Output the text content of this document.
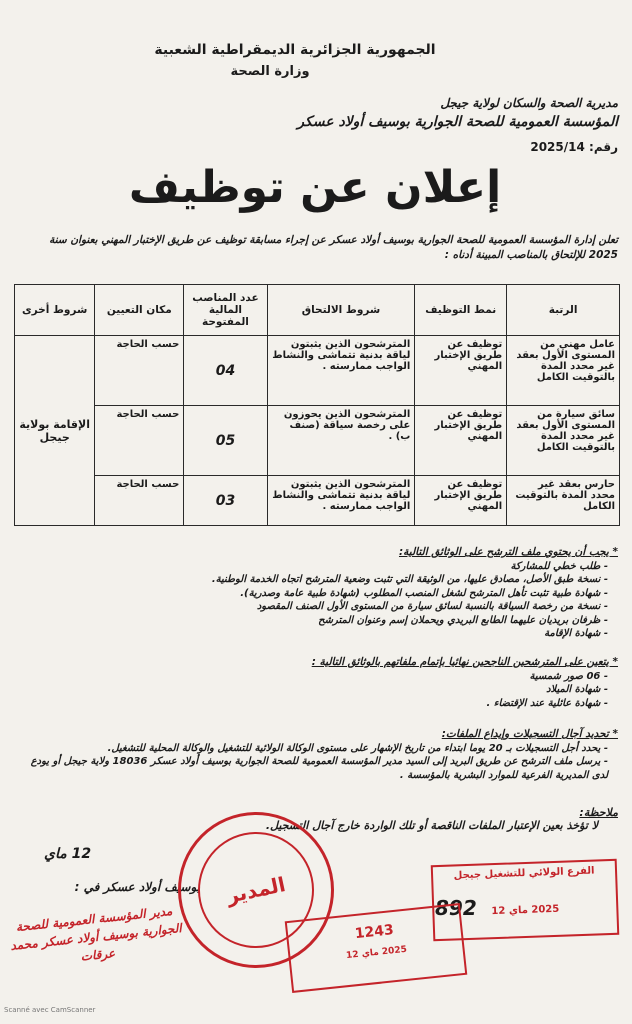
الجمهورية الجزائرية الديمقراطية الشعبية
وزارة الصحة
مديرية الصحة والسكان لولاية جيجل
المؤسسة العمومية للصحة الجوارية بوسيف أولاد عسكر
رقم: 2025/14
إعلان عن توظيف
تعلن إدارة المؤسسة العمومية للصحة الجوارية بوسيف أولاد عسكر عن إجراء مسابقة توظيف عن طريق الإختبار المهني بعنوان سنة 2025 للإلتحاق بالمناصب المبينة أدناه :
الرتبة	نمط التوظيف	شروط الالتحاق	عدد المناصب المالية المفتوحة	مكان التعيين	شروط أخرى
عامل مهني من المستوى الأول بعقد غير محدد المدة بالتوقيت الكامل	توظيف عن طريق الإختبار المهني	المترشحون الذين يثبتون لياقة بدنية تتماشى والنشاط الواجب ممارسته .	04	حسب الحاجة	الإقامة بولاية جيجل
سائق سيارة من المستوى الأول بعقد غير محدد المدة بالتوقيت الكامل	توظيف عن طريق الإختبار المهني	المترشحون الذين يحوزون على رخصة سياقة (صنف ب) .	05	حسب الحاجة	
حارس بعقد غير محدد المدة بالتوقيت الكامل	توظيف عن طريق الإختبار المهني	المترشحون الذين يثبتون لياقة بدنية تتماشى والنشاط الواجب ممارسته .	03	حسب الحاجة	
* يجب أن يحتوي ملف الترشح على الوثائق التالية:
- طلب خطي للمشاركة
- نسخة طبق الأصل، مصادق عليها، من الوثيقة التي تثبت وضعية المترشح اتجاه الخدمة الوطنية.
- شهادة طبية تثبت تأهل المترشح لشغل المنصب المطلوب (شهادة طبية عامة وصدرية).
- نسخة من رخصة السياقة بالنسبة لسائق سيارة من المستوى الأول الصنف المقصود
- ظرفان بريديان عليهما الطابع البريدي ويحملان إسم وعنوان المترشح
- شهادة الإقامة
* يتعين على المترشحين الناجحين نهائيا بإتمام ملفاتهم بالوثائق التالية :
- 06 صور شمسية
- شهادة الميلاد
- شهادة عائلية عند الإقتضاء .
* تحديد آجال التسجيلات وإيداع الملفات:
- يحدد أجل التسجيلات بـ 20 يوما ابتداء من تاريخ الإشهار على مستوى الوكالة الولائية للتشغيل والوكالة المحلية للتشغيل.
- يرسل ملف الترشح عن طريق البريد إلى السيد مدير المؤسسة العمومية للصحة الجوارية بوسيف أولاد عسكر 18036 ولاية جيجل أو يودع لدى المديرية الفرعية للموارد البشرية بالمؤسسة .
ملاحظة:
لا تؤخذ بعين الإعتبار الملفات الناقصة أو تلك الواردة خارج آجال التسجيل.
12 ماي
بوسيف أولاد عسكر في :
مدير المؤسسة العمومية للصحة الجوارية بوسيف أولاد عسكر محمد عرقات
المدير	الفرع الولائي للتشغيل جيجل
2025 ماي 12
892
1243
2025 ماي 12
Scanné avec CamScanner
